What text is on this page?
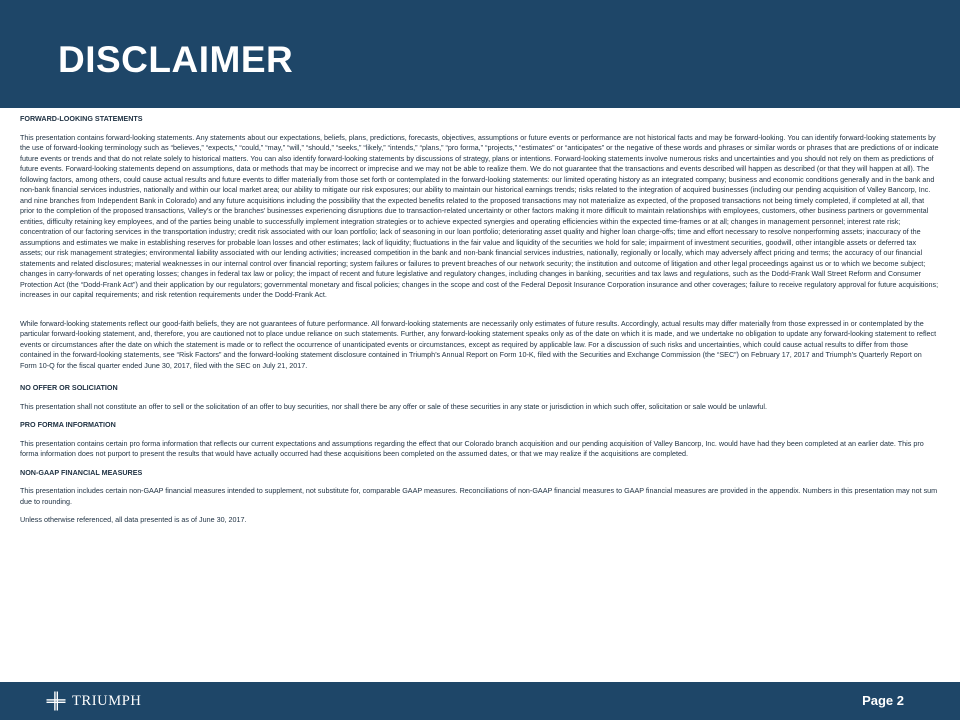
DISCLAIMER

FORWARD-LOOKING STATEMENTS

This presentation contains forward-looking statements. Any statements about our expectations, beliefs, plans, predictions, forecasts, objectives, assumptions or future events or performance are not historical facts and may be forward-looking. You can identify forward-looking statements by the use of forward-looking terminology such as “believes,” “expects,” “could,” “may,” “will,” “should,” “seeks,” “likely,” “intends,” “plans,” “pro forma,” “projects,” “estimates” or “anticipates” or the negative of these words and phrases or similar words or phrases that are predictions of or indicate future events or trends and that do not relate solely to historical matters. You can also identify forward-looking statements by discussions of strategy, plans or intentions. Forward-looking statements involve numerous risks and uncertainties and you should not rely on them as predictions of future events. Forward-looking statements depend on assumptions, data or methods that may be incorrect or imprecise and we may not be able to realize them. We do not guarantee that the transactions and events described will happen as described (or that they will happen at all). The following factors, among others, could cause actual results and future events to differ materially from those set forth or contemplated in the forward-looking statements: our limited operating history as an integrated company; business and economic conditions generally and in the bank and non-bank financial services industries, nationally and within our local market area; our ability to mitigate our risk exposures; our ability to maintain our historical earnings trends; risks related to the integration of acquired businesses (including our pending acquisition of Valley Bancorp, Inc. and nine branches from Independent Bank in Colorado) and any future acquisitions including the possibility that the expected benefits related to the proposed transactions may not materialize as expected, of the proposed transactions not being timely completed, if completed at all, that prior to the completion of the proposed transactions, Valley’s or the branches’ businesses experiencing disruptions due to transaction-related uncertainty or other factors making it more difficult to maintain relationships with employees, customers, other business partners or governmental entities, difficulty retaining key employees, and of the parties being unable to successfully implement integration strategies or to achieve expected synergies and operating efficiencies within the expected time-frames or at all; changes in management personnel; interest rate risk; concentration of our factoring services in the transportation industry; credit risk associated with our loan portfolio; lack of seasoning in our loan portfolio; deteriorating asset quality and higher loan charge-offs; time and effort necessary to resolve nonperforming assets; inaccuracy of the assumptions and estimates we make in establishing reserves for probable loan losses and other estimates; lack of liquidity; fluctuations in the fair value and liquidity of the securities we hold for sale; impairment of investment securities, goodwill, other intangible assets or deferred tax assets; our risk management strategies; environmental liability associated with our lending activities; increased competition in the bank and non-bank financial services industries, nationally, regionally or locally, which may adversely affect pricing and terms; the accuracy of our financial statements and related disclosures; material weaknesses in our internal control over financial reporting; system failures or failures to prevent breaches of our network security; the institution and outcome of litigation and other legal proceedings against us or to which we become subject; changes in carry-forwards of net operating losses; changes in federal tax law or policy; the impact of recent and future legislative and regulatory changes, including changes in banking, securities and tax laws and regulations, such as the Dodd-Frank Wall Street Reform and Consumer Protection Act (the “Dodd-Frank Act”) and their application by our regulators; governmental monetary and fiscal policies; changes in the scope and cost of the Federal Deposit Insurance Corporation insurance and other coverages; failure to receive regulatory approval for future acquisitions; increases in our capital requirements; and risk retention requirements under the Dodd-Frank Act.

While forward-looking statements reflect our good-faith beliefs, they are not guarantees of future performance. All forward-looking statements are necessarily only estimates of future results. Accordingly, actual results may differ materially from those expressed in or contemplated by the particular forward-looking statement, and, therefore, you are cautioned not to place undue reliance on such statements. Further, any forward-looking statement speaks only as of the date on which it is made, and we undertake no obligation to update any forward-looking statement to reflect events or circumstances after the date on which the statement is made or to reflect the occurrence of unanticipated events or circumstances, except as required by applicable law. For a discussion of such risks and uncertainties, which could cause actual results to differ from those contained in the forward-looking statements, see “Risk Factors” and the forward-looking statement disclosure contained in Triumph’s Annual Report on Form 10-K, filed with the Securities and Exchange Commission (the “SEC”) on February 17, 2017 and Triumph’s Quarterly Report on Form 10-Q for the fiscal quarter ended June 30, 2017, filed with the SEC on July 21, 2017.

NO OFFER OR SOLICIATION

This presentation shall not constitute an offer to sell or the solicitation of an offer to buy securities, nor shall there be any offer or sale of these securities in any state or jurisdiction in which such offer, solicitation or sale would be unlawful.

PRO FORMA INFORMATION

This presentation contains certain pro forma information that reflects our current expectations and assumptions regarding the effect that our Colorado branch acquisition and our pending acquisition of Valley Bancorp, Inc. would have had they been completed at an earlier date. This pro forma information does not purport to present the results that would have actually occurred had these acquisitions been completed on the assumed dates, or that we may realize if the acquisitions are completed.

NON-GAAP FINANCIAL MEASURES

This presentation includes certain non-GAAP financial measures intended to supplement, not substitute for, comparable GAAP measures. Reconciliations of non-GAAP financial measures to GAAP financial measures are provided in the appendix. Numbers in this presentation may not sum due to rounding.

Unless otherwise referenced, all data presented is as of June 30, 2017.

TRIUMPH	Page 2
